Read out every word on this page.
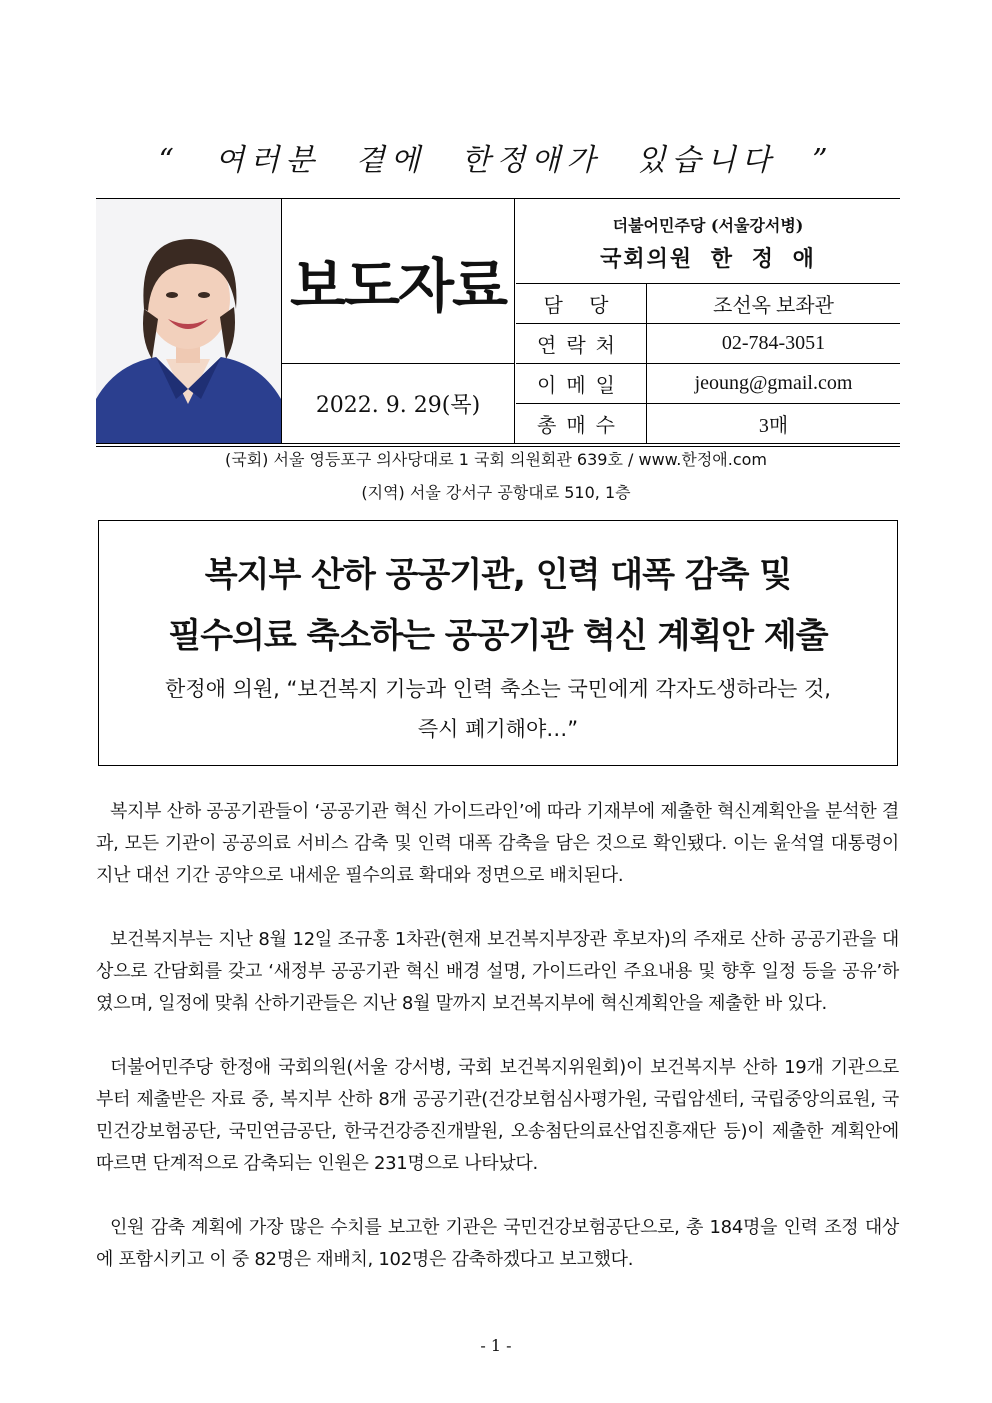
“ 여러분 곁에 한정애가 있습니다 ”
보도자료
2022. 9. 29(목)
더불어민주당 (서울강서병)
국회의원 한 정 애
담 당	조선옥 보좌관
연락처	02-784-3051
이메일	jeoung@gmail.com
총매수	3매
(국회) 서울 영등포구 의사당대로 1 국회 의원회관 639호 / www.한정애.com
(지역) 서울 강서구 공항대로 510, 1층
복지부 산하 공공기관, 인력 대폭 감축 및
필수의료 축소하는 공공기관 혁신 계획안 제출
한정애 의원, “보건복지 기능과 인력 축소는 국민에게 각자도생하라는 것,
즉시 폐기해야…”

복지부 산하 공공기관들이 ‘공공기관 혁신 가이드라인’에 따라 기재부에 제출한 혁신계획안을 분석한 결과, 모든 기관이 공공의료 서비스 감축 및 인력 대폭 감축을 담은 것으로 확인됐다. 이는 윤석열 대통령이 지난 대선 기간 공약으로 내세운 필수의료 확대와 정면으로 배치된다.

보건복지부는 지난 8월 12일 조규홍 1차관(현재 보건복지부장관 후보자)의 주재로 산하 공공기관을 대상으로 간담회를 갖고 ‘새정부 공공기관 혁신 배경 설명, 가이드라인 주요내용 및 향후 일정 등을 공유’하였으며, 일정에 맞춰 산하기관들은 지난 8월 말까지 보건복지부에 혁신계획안을 제출한 바 있다.

더불어민주당 한정애 국회의원(서울 강서병, 국회 보건복지위원회)이 보건복지부 산하 19개 기관으로부터 제출받은 자료 중, 복지부 산하 8개 공공기관(건강보험심사평가원, 국립암센터, 국립중앙의료원, 국민건강보험공단, 국민연금공단, 한국건강증진개발원, 오송첨단의료산업진흥재단 등)이 제출한 계획안에 따르면 단계적으로 감축되는 인원은 231명으로 나타났다.

인원 감축 계획에 가장 많은 수치를 보고한 기관은 국민건강보험공단으로, 총 184명을 인력 조정 대상에 포함시키고 이 중 82명은 재배치, 102명은 감축하겠다고 보고했다.

- 1 -
